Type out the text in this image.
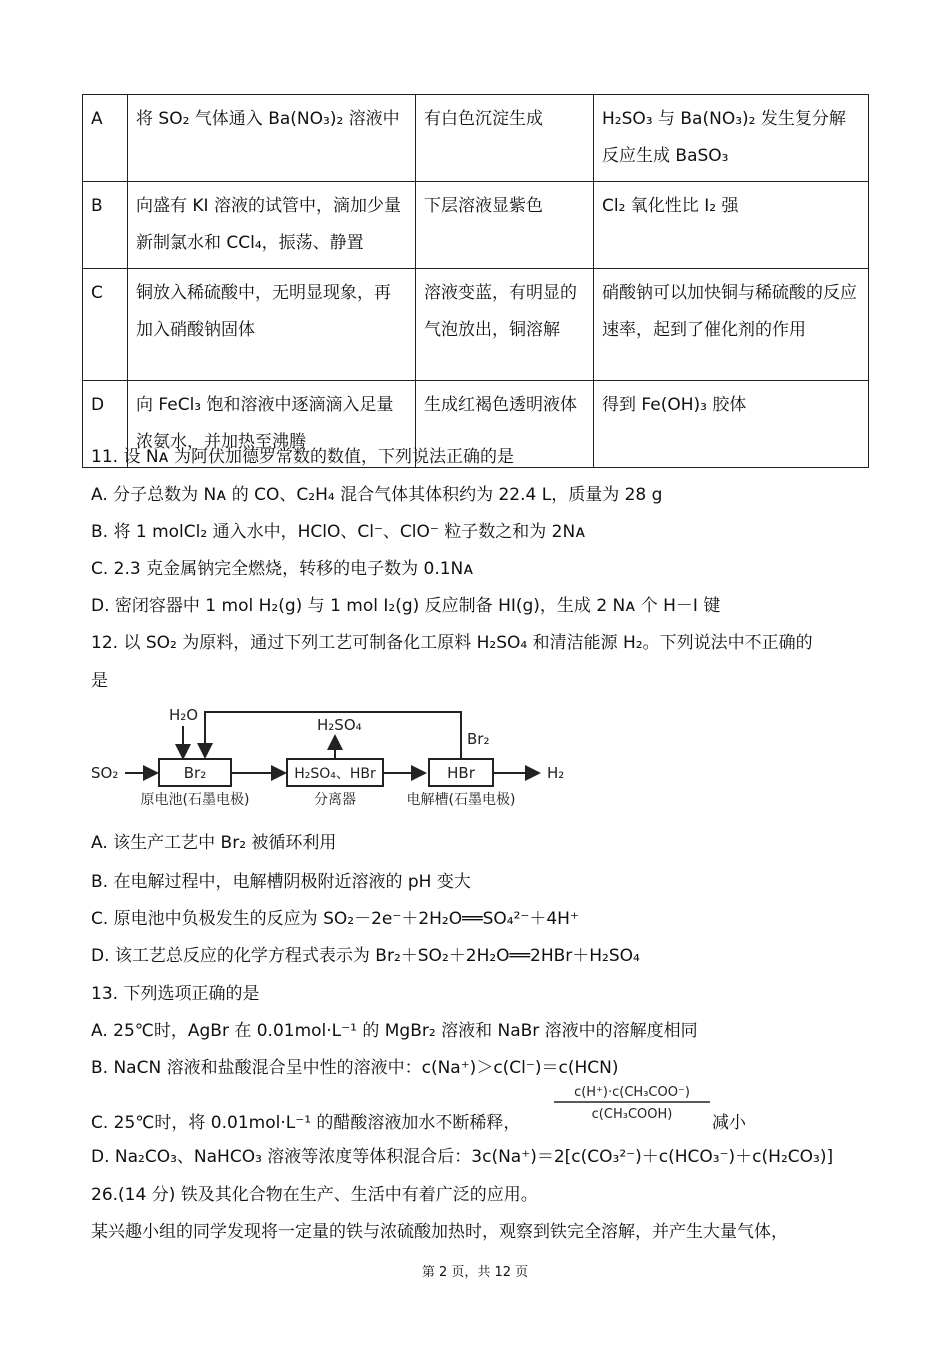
A	将 SO₂ 气体通入 Ba(NO₃)₂ 溶液中	有白色沉淀生成	H₂SO₃ 与 Ba(NO₃)₂ 发生复分解反应生成 BaSO₃
B	向盛有 KI 溶液的试管中，滴加少量新制氯水和 CCl₄，振荡、静置	下层溶液显紫色	Cl₂ 氧化性比 I₂ 强
C	铜放入稀硫酸中，无明显现象，再加入硝酸钠固体	溶液变蓝，有明显的气泡放出，铜溶解	硝酸钠可以加快铜与稀硫酸的反应速率，起到了催化剂的作用
D	向 FeCl₃ 饱和溶液中逐滴滴入足量浓氨水，并加热至沸腾	生成红褐色透明液体	得到 Fe(OH)₃ 胶体
11. 设 Nᴀ 为阿伏加德罗常数的数值，下列说法正确的是
A. 分子总数为 Nᴀ 的 CO、C₂H₄ 混合气体其体积约为 22.4 L，质量为 28 g
B. 将 1 molCl₂ 通入水中，HClO、Cl⁻、ClO⁻ 粒子数之和为 2Nᴀ
C. 2.3 克金属钠完全燃烧，转移的电子数为 0.1Nᴀ
D. 密闭容器中 1 mol H₂(g) 与 1 mol I₂(g) 反应制备 HI(g)，生成 2 Nᴀ 个 H－I 键
12. 以 SO₂ 为原料，通过下列工艺可制备化工原料 H₂SO₄ 和清洁能源 H₂。下列说法中不正确的
是
SO₂
H₂O
Br₂
原电池(石墨电极)
H₂SO₄、HBr
分离器
H₂SO₄
HBr
电解槽(石墨电极)
Br₂
H₂
A. 该生产工艺中 Br₂ 被循环利用
B. 在电解过程中，电解槽阴极附近溶液的 pH 变大
C. 原电池中负极发生的反应为 SO₂－2e⁻＋2H₂O══SO₄²⁻＋4H⁺
D. 该工艺总反应的化学方程式表示为 Br₂＋SO₂＋2H₂O══2HBr＋H₂SO₄
13. 下列选项正确的是
A. 25℃时，AgBr 在 0.01mol·L⁻¹ 的 MgBr₂ 溶液和 NaBr 溶液中的溶解度相同
B. NaCN 溶液和盐酸混合呈中性的溶液中：c(Na⁺)＞c(Cl⁻)＝c(HCN)
C. 25℃时，将 0.01mol·L⁻¹ 的醋酸溶液加水不断稀释，
c(H⁺)·c(CH₃COO⁻)
c(CH₃COOH) 减小
D. Na₂CO₃、NaHCO₃ 溶液等浓度等体积混合后：3c(Na⁺)＝2[c(CO₃²⁻)＋c(HCO₃⁻)＋c(H₂CO₃)]
26.(14 分) 铁及其化合物在生产、生活中有着广泛的应用。
某兴趣小组的同学发现将一定量的铁与浓硫酸加热时，观察到铁完全溶解，并产生大量气体，
第 2 页，共 12 页
